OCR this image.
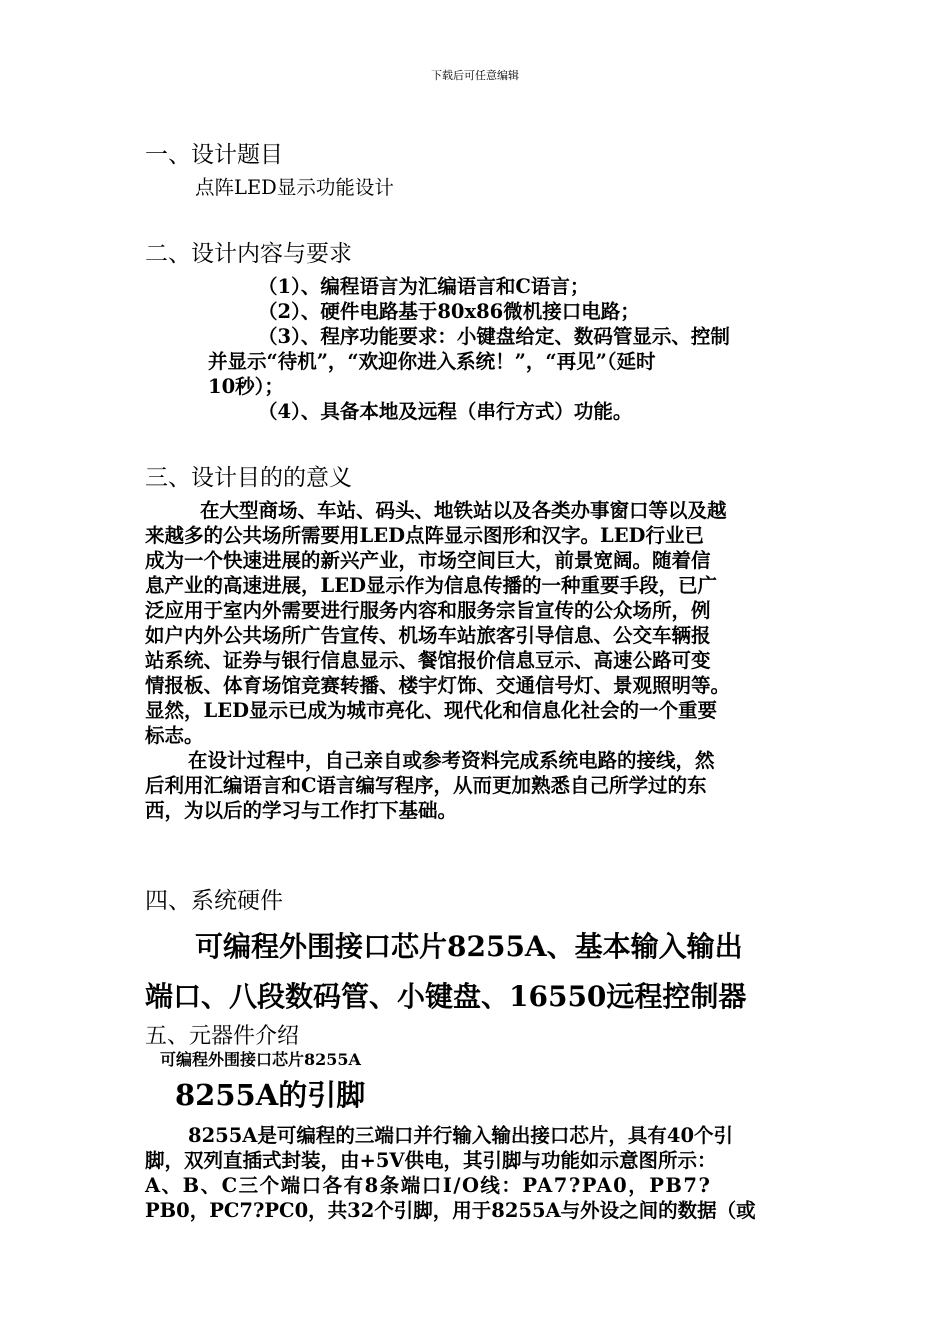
下载后可任意编辑
一、设计题目

点阵LED显示功能设计

二、设计内容与要求

（1）、编程语言为汇编语言和C语言；

（2）、硬件电路基于80x86微机接口电路；

（3）、程序功能要求：小键盘给定、数码管显示、控制

并显示“待机”，“欢迎你进入系统！”，“再见”（延时

10秒）；

（4）、具备本地及远程（串行方式）功能。

三、设计目的的意义

在大型商场、车站、码头、地铁站以及各类办事窗口等以及越

来越多的公共场所需要用LED点阵显示图形和汉字。LED行业已

成为一个快速进展的新兴产业，市场空间巨大，前景宽阔。随着信

息产业的高速进展，LED显示作为信息传播的一种重要手段，已广

泛应用于室内外需要进行服务内容和服务宗旨宣传的公众场所，例

如户内外公共场所广告宣传、机场车站旅客引导信息、公交车辆报

站系统、证券与银行信息显示、餐馆报价信息豆示、高速公路可变

情报板、体育场馆竞赛转播、楼宇灯饰、交通信号灯、景观照明等。

显然，LED显示已成为城市亮化、现代化和信息化社会的一个重要

标志。

在设计过程中，自己亲自或参考资料完成系统电路的接线，然

后利用汇编语言和C语言编写程序，从而更加熟悉自己所学过的东

西，为以后的学习与工作打下基础。

四、系统硬件

可编程外围接口芯片8255A、基本输入输出

端口、八段数码管、小键盘、16550远程控制器

五、元器件介绍

可编程外围接口芯片8255A

8255A的引脚

8255A是可编程的三端口并行输入输出接口芯片，具有40个引

脚，双列直插式封装，由+5V供电，其引脚与功能如示意图所示：

A、B、C三个端口各有8条端口I/O线：PA7?PA0，PB7?

PB0，PC7?PC0，共32个引脚，用于8255A与外设之间的数据（或
